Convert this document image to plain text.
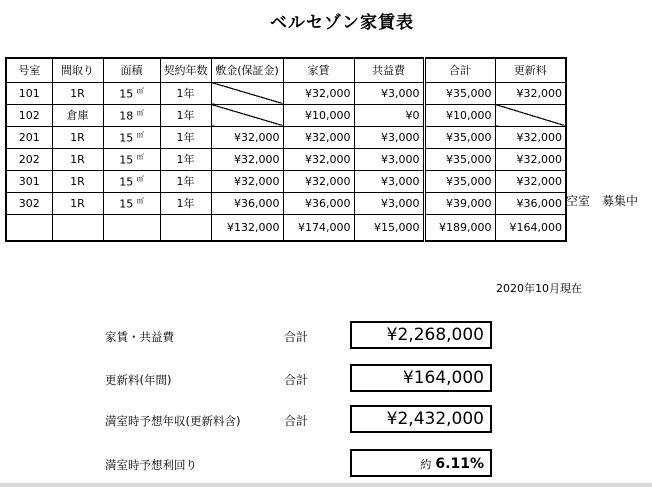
ベルセゾン家賃表
号室	間取り	面積	契約年数	敷金(保証金)	家賃	共益費	合計	更新料
101	1R	15 ㎡	1年		¥32,000	¥3,000	¥35,000	¥32,000
102	倉庫	18 ㎡	1年		¥10,000	¥0	¥10,000	
201	1R	15 ㎡	1年	¥32,000	¥32,000	¥3,000	¥35,000	¥32,000
202	1R	15 ㎡	1年	¥32,000	¥32,000	¥3,000	¥35,000	¥32,000
301	1R	15 ㎡	1年	¥32,000	¥32,000	¥3,000	¥35,000	¥32,000
302	1R	15 ㎡	1年	¥36,000	¥36,000	¥3,000	¥39,000	¥36,000
				¥132,000	¥174,000	¥15,000	¥189,000	¥164,000
空室　募集中
2020年10月現在
家賃・共益費	合計	¥2,268,000
更新料(年間)	合計	¥164,000
満室時予想年収(更新料含)	合計	¥2,432,000
満室時予想利回り	約 6.11%
